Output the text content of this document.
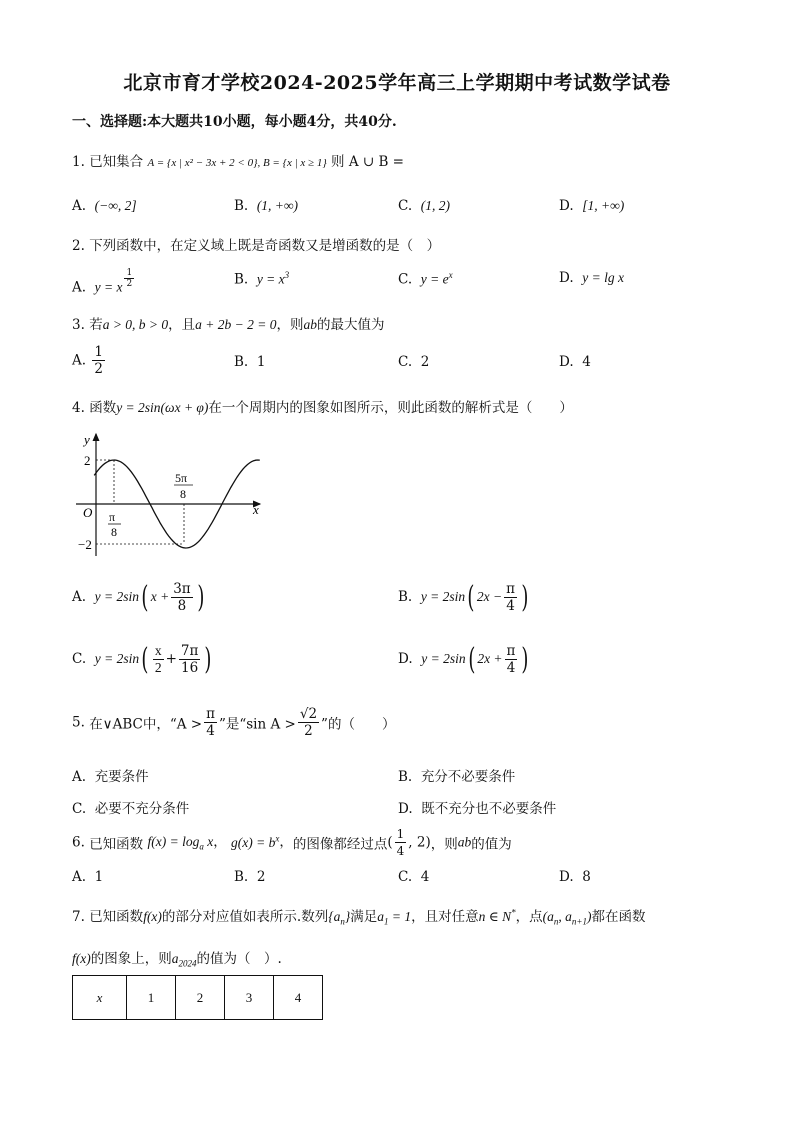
北京市育才学校2024-2025学年高三上学期期中考试数学试卷
一、选择题:本大题共10小题，每小题4分，共40分.
1. 已知集合 A = {x | x² − 3x + 2 < 0}, B = {x | x ≥ 1} 则 A ∪ B =
A. (−∞, 2]	B. (1, +∞)	C. (1, 2)	D. [1, +∞)
2. 下列函数中，在定义域上既是奇函数又是增函数的是（　）
A. y = x $^{\frac{1}{2}}$	B. $y = x^3$	C. $y = e^x$	D. y = lg x
3. 若a > 0, b > 0，且a + 2b − 2 = 0，则ab的最大值为
A. $\frac{1}{2}$	B. 1	C. 2	D. 4
4. 函数y = 2sin(ωx + φ)在一个周期内的图象如图所示，则此函数的解析式是（　　）
y
x
O
2
−2
π
8
5π
8
A. y = 2sin( $x + \frac{3\pi}{8}$ )	B. y = 2sin( $2x - \frac{\pi}{4}$ )
C. $y = 2\sin( \frac{x}{2} + \frac{7\pi}{16}$ )	D. y = 2sin( $2x + \frac{\pi}{4}$ )
5. 在∨ABC中，“$A > \frac{\pi}{4}$ ”是“sin $A > \frac{√2}{2}$ ”的（　　）
A. 充要条件	B. 充分不必要条件
C. 必要不充分条件	D. 既不充分也不必要条件
6. 已知函数 $f(x) = \log_a x$， $g(x) = b^x$，的图像都经过点( $\frac{1}{4}$ , 2)，则ab的值为
A. 1	B. 2	C. 4	D. 8
7. 已知函数f(x)的部分对应值如表所示.数列$\{a_n\}$满足$a_1 = 1$，且对任意n ∈ N*，点($a_n$, $a_{n+1}$)都在函数
f(x)的图象上，则$a_{2024}$的值为（　）.
x	1	2	3	4
